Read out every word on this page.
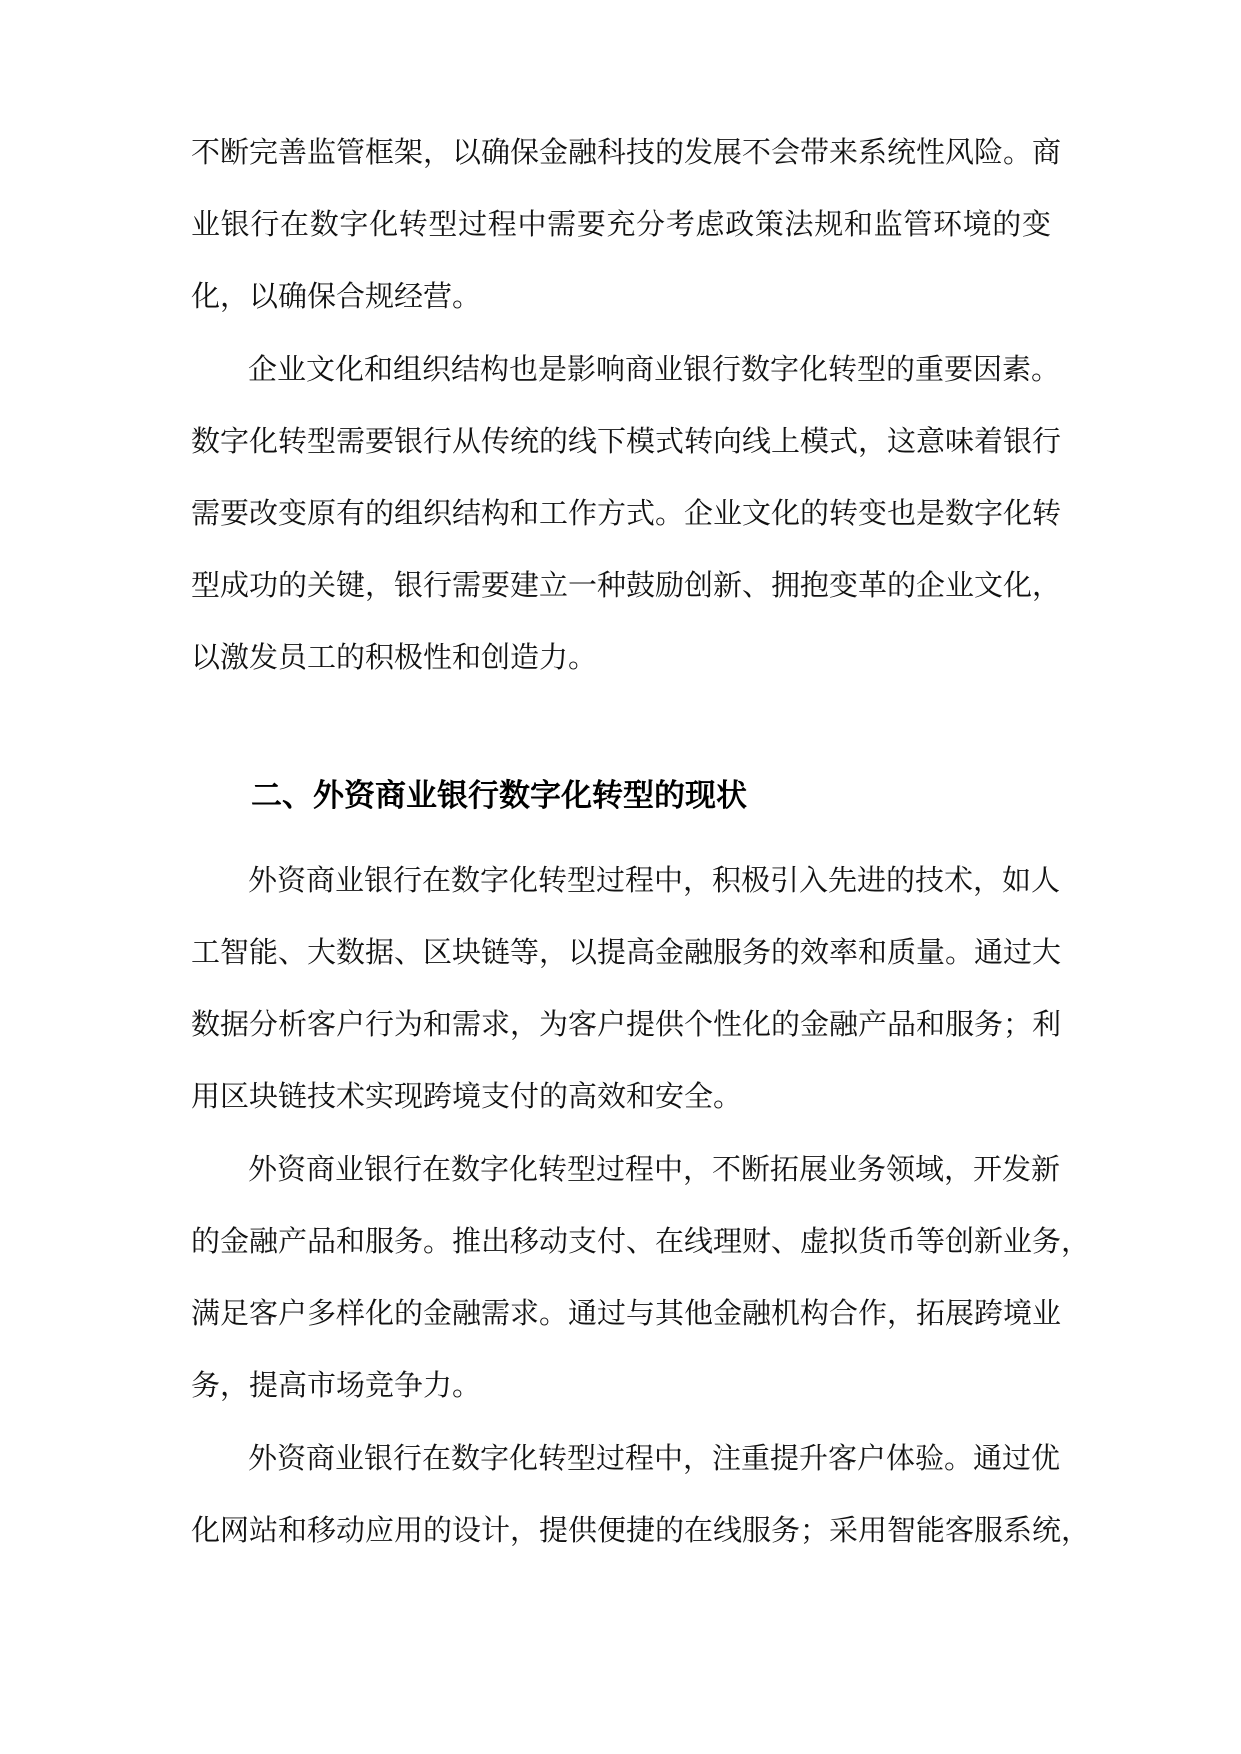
不断完善监管框架，以确保金融科技的发展不会带来系统性风险。商
业银行在数字化转型过程中需要充分考虑政策法规和监管环境的变
化，以确保合规经营。
企业文化和组织结构也是影响商业银行数字化转型的重要因素。
数字化转型需要银行从传统的线下模式转向线上模式，这意味着银行
需要改变原有的组织结构和工作方式。企业文化的转变也是数字化转
型成功的关键，银行需要建立一种鼓励创新、拥抱变革的企业文化，
以激发员工的积极性和创造力。
二、外资商业银行数字化转型的现状
外资商业银行在数字化转型过程中，积极引入先进的技术，如人
工智能、大数据、区块链等，以提高金融服务的效率和质量。通过大
数据分析客户行为和需求，为客户提供个性化的金融产品和服务；利
用区块链技术实现跨境支付的高效和安全。
外资商业银行在数字化转型过程中，不断拓展业务领域，开发新
的金融产品和服务。推出移动支付、在线理财、虚拟货币等创新业务，
满足客户多样化的金融需求。通过与其他金融机构合作，拓展跨境业
务，提高市场竞争力。
外资商业银行在数字化转型过程中，注重提升客户体验。通过优
化网站和移动应用的设计，提供便捷的在线服务；采用智能客服系统，
